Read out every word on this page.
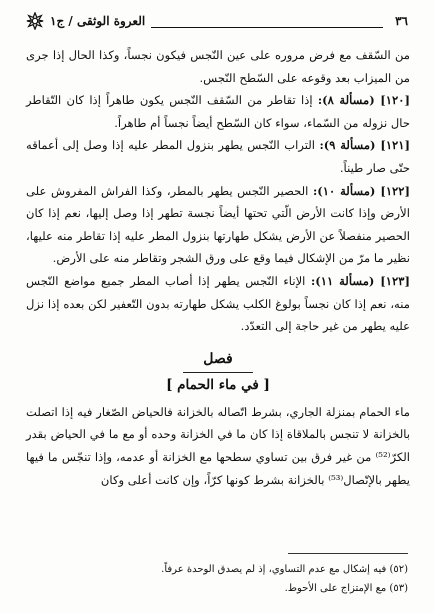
٣٦
العروة الوثقى / ج١

من السّقف مع فرض مروره على عين النّجس فيكون نجساً، وكذا الحال إذا جرى من الميزاب بعد وقوعه على السّطح النّجس.

[١٢٠] (مسألة ٨): إذا تقاطر من السّقف النّجس يكون طاهراً إذا كان التّقاطر حال نزوله من السّماء، سواء كان السّطح أيضاً نجساً أم طاهراً.

[١٢١] (مسألة ٩): التراب النّجس يطهر بنزول المطر عليه إذا وصل إلى أعماقه حتّى صار طيناً.

[١٢٢] (مسألة ١٠): الحصير النّجس يطهر بالمطر، وكذا الفراش المفروش على الأرض وإذا كانت الأرض الّتي تحتها أيضاً نجسة تطهر إذا وصل إليها، نعم إذا كان الحصير منفصلاً عن الأرض يشكل طهارتها بنزول المطر عليه إذا تقاطر منه عليها، نظير ما مرّ من الإشكال فيما وقع على ورق الشجر وتقاطر منه على الأرض.

[١٢٣] (مسألة ١١): الإناء النّجس يطهر إذا أصاب المطر جميع مواضع النّجس منه، نعم إذا كان نجساً بولوغ الكلب يشكل طهارته بدون التّعفير لكن بعده إذا نزل عليه يطهر من غير حاجة إلى التعدّد.

فصل
[ في ماء الحمام ]

ماء الحمام بمنزلة الجاري، بشرط اتّصاله بالخزانة فالحياض الصّغار فيه إذا اتصلت بالخزانة لا تنجس بالملاقاة إذا كان ما في الخزانة وحده أو مع ما في الحياض بقدر الكرّ⁽⁵²⁾ من غير فرق بين تساوي سطحها مع الخزانة أو عدمه، وإذا تنجّس ما فيها يطهر بالإتّصال⁽⁵³⁾ بالخزانة بشرط كونها كرّاً، وإن كانت أعلى وكان

(٥٢) فيه إشكال مع عدم التساوي، إذ لم يصدق الوحدة عرفاً.

(٥٣) مع الإمتزاج على الأحوط.
